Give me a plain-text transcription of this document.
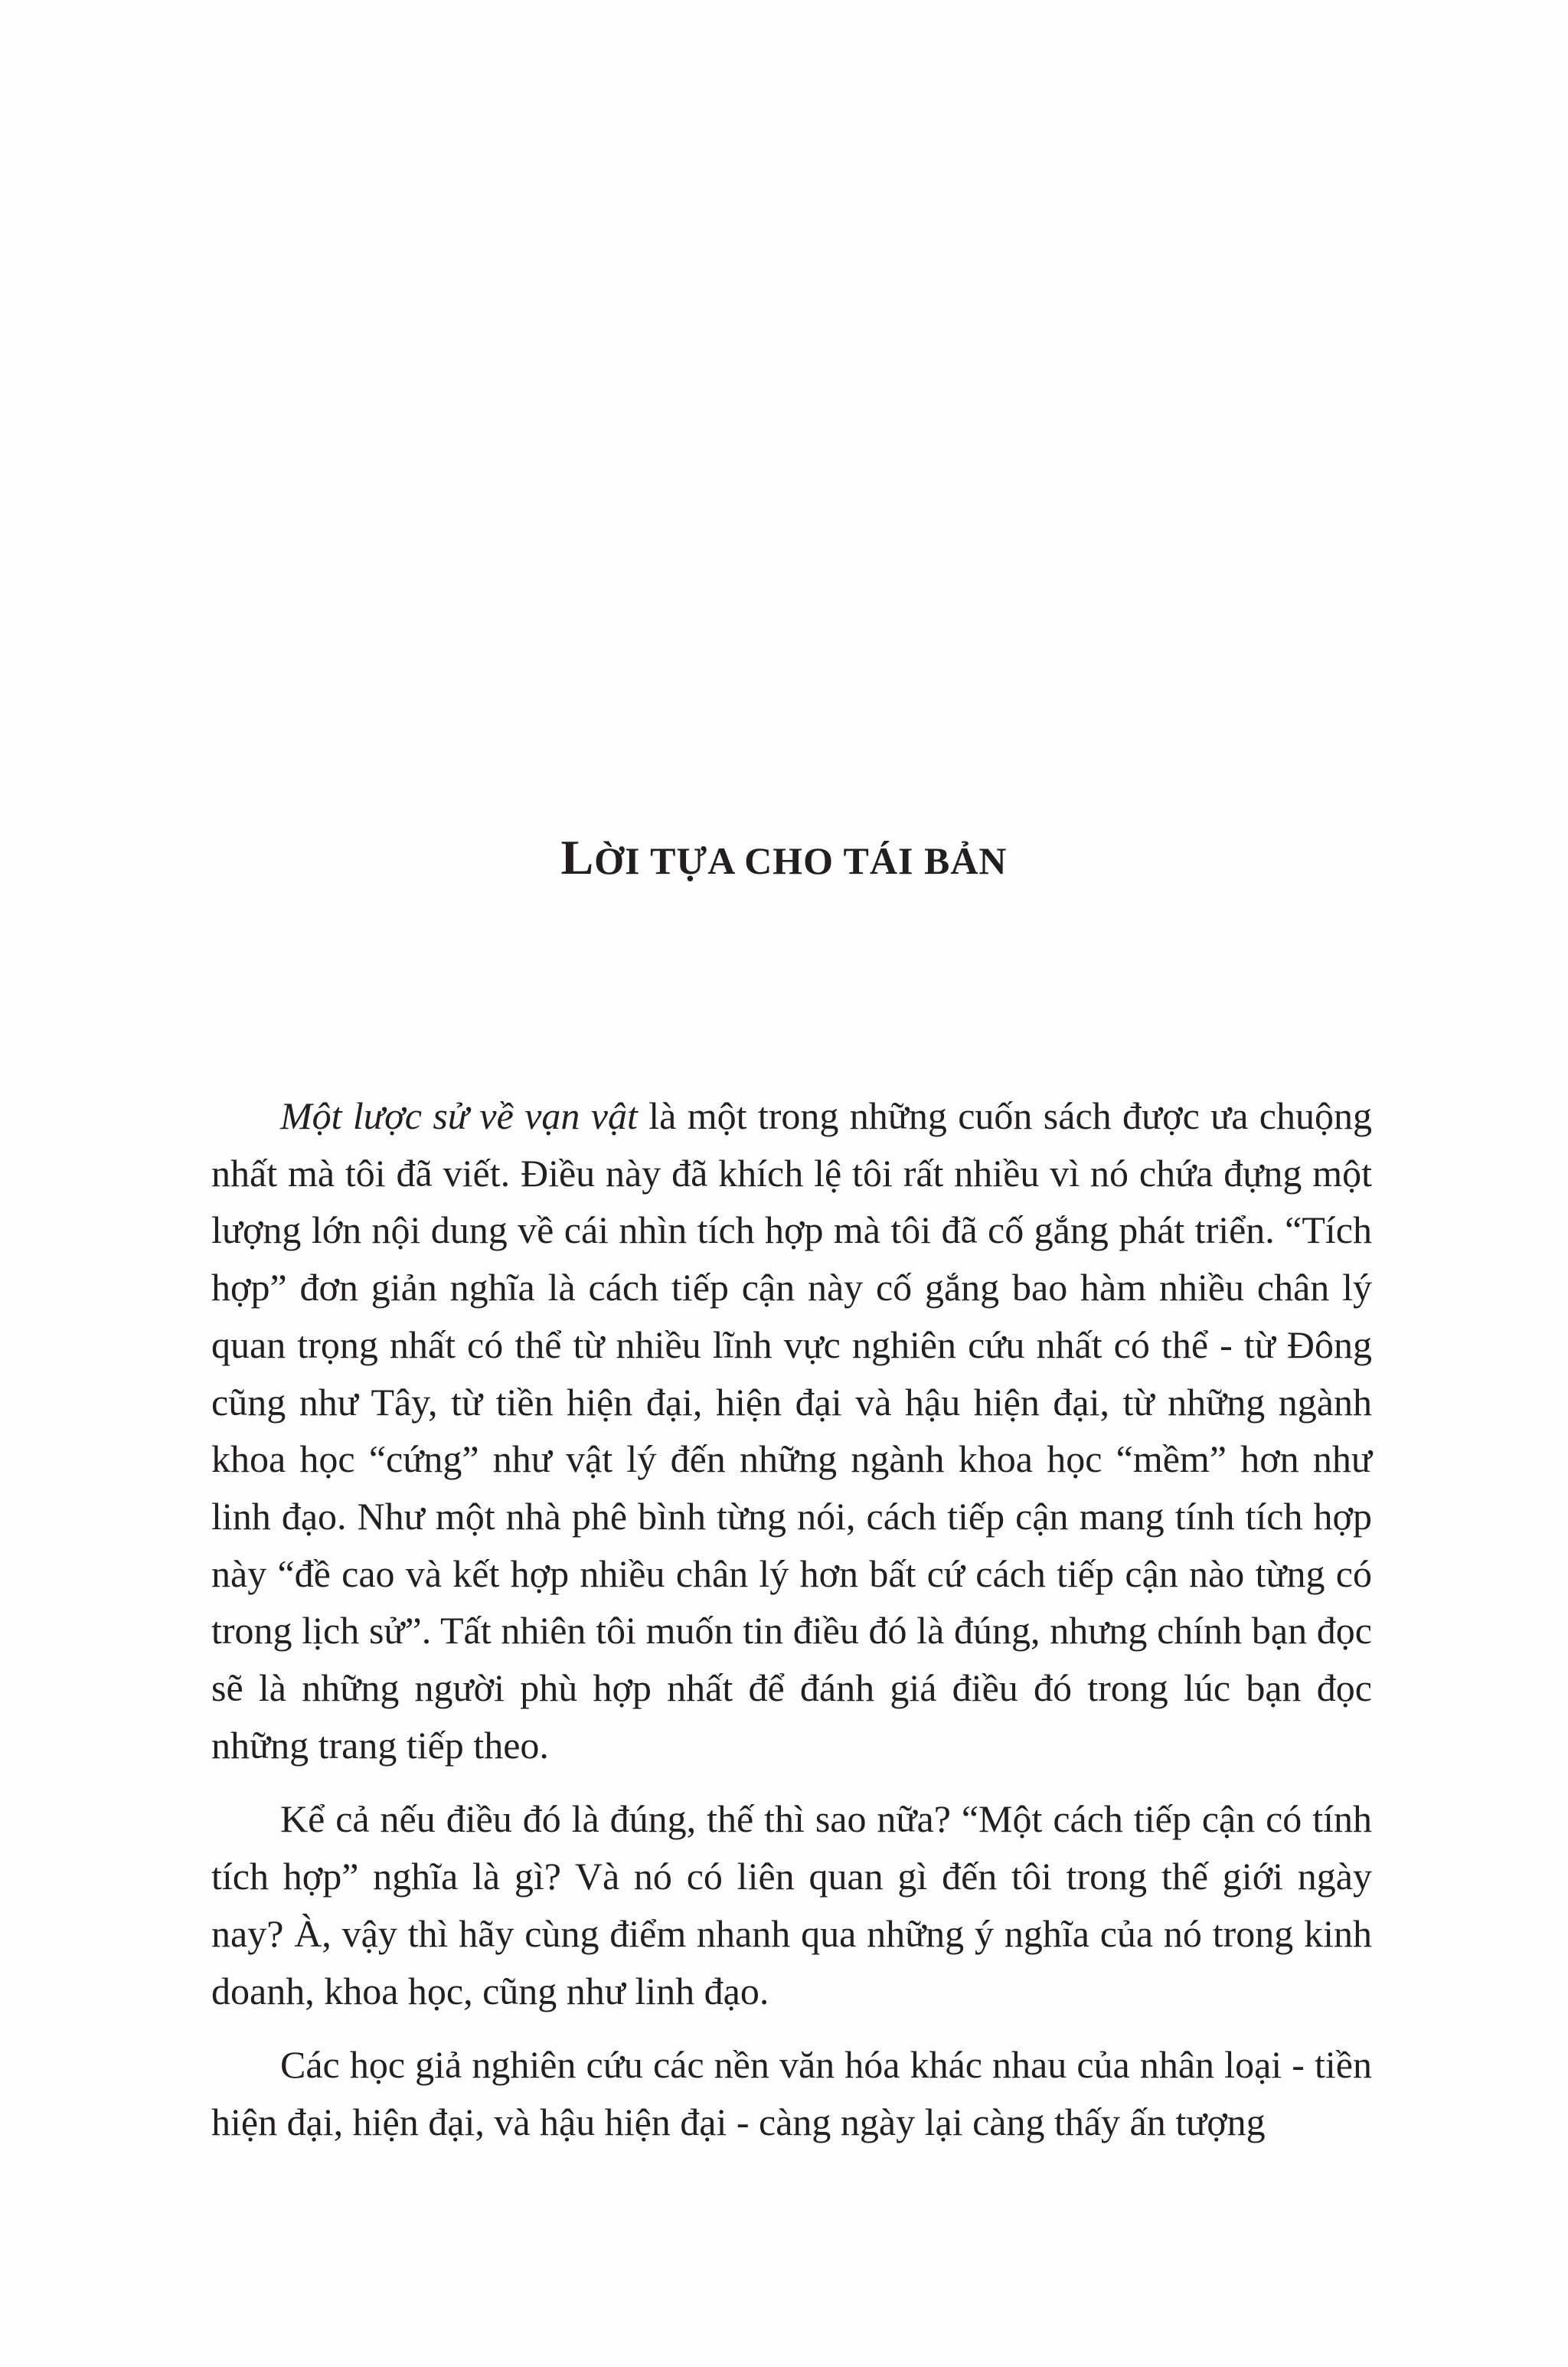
LỜI TỰA CHO TÁI BẢN

Một lược sử về vạn vật là một trong những cuốn sách được ưa chuộng nhất mà tôi đã viết. Điều này đã khích lệ tôi rất nhiều vì nó chứa đựng một lượng lớn nội dung về cái nhìn tích hợp mà tôi đã cố gắng phát triển. “Tích hợp” đơn giản nghĩa là cách tiếp cận này cố gắng bao hàm nhiều chân lý quan trọng nhất có thể từ nhiều lĩnh vực nghiên cứu nhất có thể - từ Đông cũng như Tây, từ tiền hiện đại, hiện đại và hậu hiện đại, từ những ngành khoa học “cứng” như vật lý đến những ngành khoa học “mềm” hơn như linh đạo. Như một nhà phê bình từng nói, cách tiếp cận mang tính tích hợp này “đề cao và kết hợp nhiều chân lý hơn bất cứ cách tiếp cận nào từng có trong lịch sử”. Tất nhiên tôi muốn tin điều đó là đúng, nhưng chính bạn đọc sẽ là những người phù hợp nhất để đánh giá điều đó trong lúc bạn đọc những trang tiếp theo.

Kể cả nếu điều đó là đúng, thế thì sao nữa? “Một cách tiếp cận có tính tích hợp” nghĩa là gì? Và nó có liên quan gì đến tôi trong thế giới ngày nay? À, vậy thì hãy cùng điểm nhanh qua những ý nghĩa của nó trong kinh doanh, khoa học, cũng như linh đạo.

Các học giả nghiên cứu các nền văn hóa khác nhau của nhân loại - tiền hiện đại, hiện đại, và hậu hiện đại - càng ngày lại càng thấy ấn tượng
